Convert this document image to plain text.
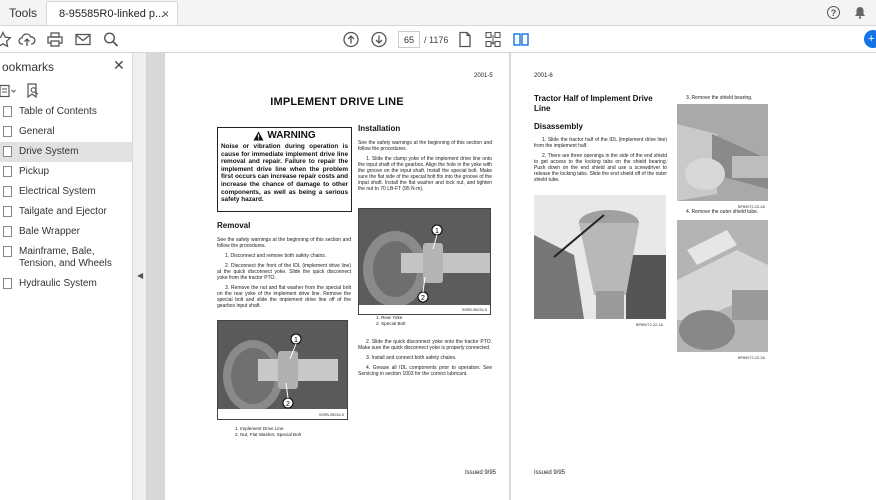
Tools	8-95585R0-linked p...
×	?
65	/ 1176	+
ookmarks	✕
Table of Contents
General
Drive System
Pickup
Electrical System
Tailgate and Ejector
Bale Wrapper
Mainframe, Bale, Tension, and Wheels
Hydraulic System
◀
2001-5
IMPLEMENT DRIVE LINE
WARNING
Noise or vibration during operation is cause for immediate implement drive line removal and repair. Failure to repair the implement drive line when the problem first occurs can increase repair costs and increase the chance of damage to other components, as well as being a serious safety hazard.
Removal

See the safety warnings at the beginning of this section and follow the procedures.

1. Disconnect and remove both safety chains.

2. Disconnect the front of the IDL (implement drive line) at the quick disconnect yoke. Slide the quick disconnect yoke from the tractor PTO.

3. Remove the nut and flat washer from the special bolt on the rear yoke of the implement drive line. Remove the special bolt and slide the implement drive line off of the gearbox input shaft.

1
2
S0RB-95034-5
1. Implement Drive Line
2. Nut, Flat Washer, Special Bolt
Installation

See the safety warnings at the beginning of this section and follow the procedures.

1. Slide the clamp yoke of the implement drive line onto the input shaft of the gearbox. Align the hole in the yoke with the groove on the input shaft. Install the special bolt. Make sure the flat side of the special bolt fits into the groove of the input shaft. Install the flat washer and lock nut, and tighten the nut to 70 LB-FT (95 N·m).

1
2
S0RB-95034-5
1. Rear Yoke
2. Special Bolt

2. Slide the quick disconnect yoke onto the tractor PTO. Make sure the quick disconnect yoke is properly connected.

3. Install and connect both safety chains.

4. Grease all IDL components prior to operation. See Servicing in section 1003 for the correct lubricant.

Issued 9/95
2001-6
Tractor Half of Implement Drive Line
Disassembly

1. Slide the tractor half of the IDL (implement drive line) from the implement half.

2. There are three openings in the side of the end shield to get access to the locking tabs on the shield bearing. Push down on the end shield and use a screwdriver to release the locking tabs. Slide the end shield off of the outer shield tube.

BP89072-22-1A
3. Remove the shield bearing.
BP89072-22-2A
4. Remove the outer shield tube.
BP89072-22-3A
Issued 9/95
